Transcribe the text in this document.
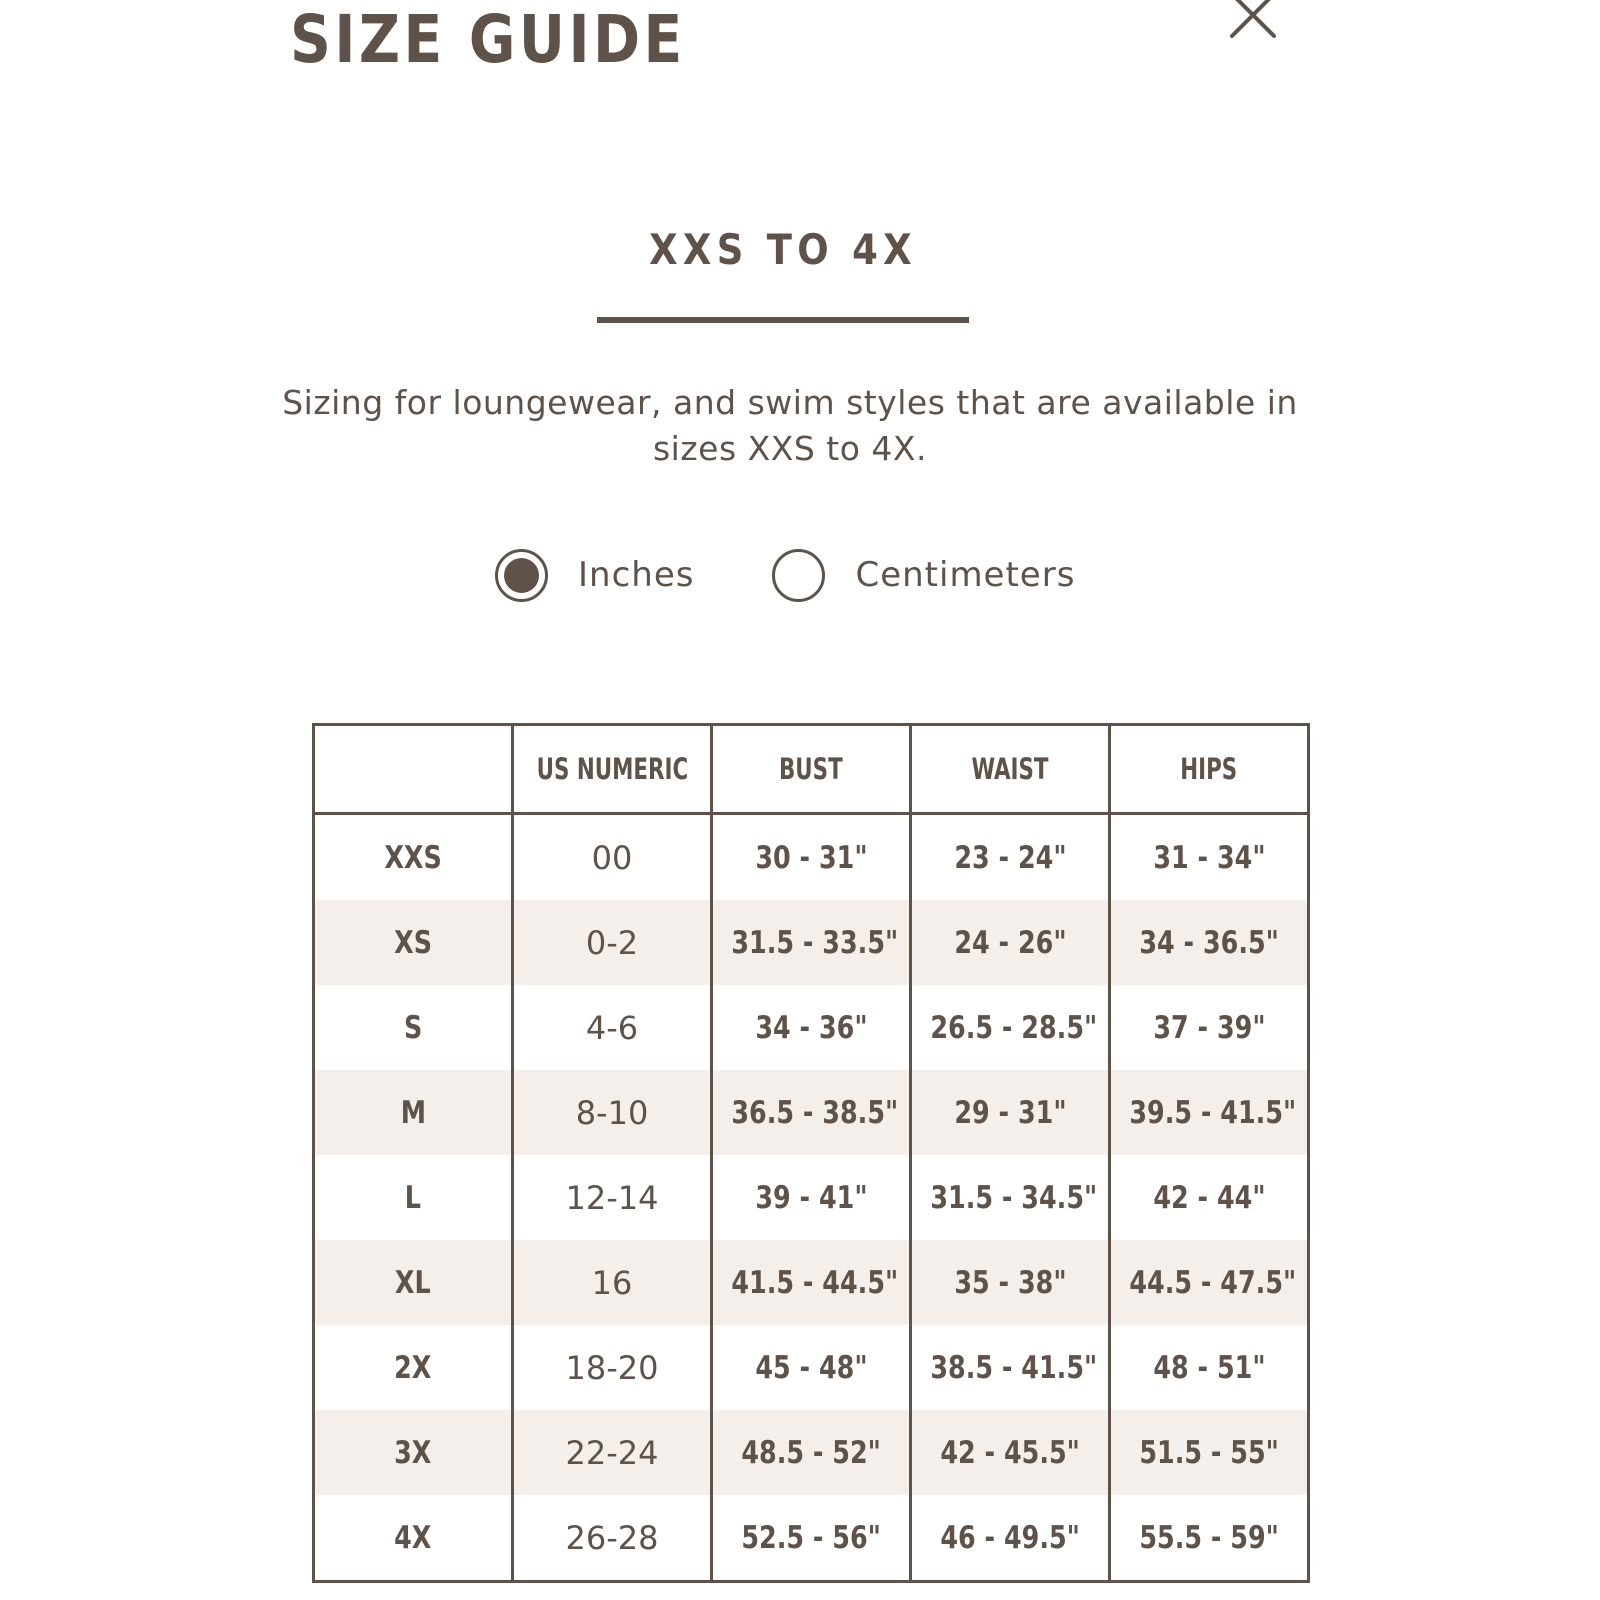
SIZE GUIDE
XXS TO 4X
Sizing for loungewear, and swim styles that are available in sizes XXS to 4X.
Inches	Centimeters
	US NUMERIC	BUST	WAIST	HIPS
XXS	00	30 - 31"	23 - 24"	31 - 34"
XS	0-2	31.5 - 33.5"	24 - 26"	34 - 36.5"
S	4-6	34 - 36"	26.5 - 28.5"	37 - 39"
M	8-10	36.5 - 38.5"	29 - 31"	39.5 - 41.5"
L	12-14	39 - 41"	31.5 - 34.5"	42 - 44"
XL	16	41.5 - 44.5"	35 - 38"	44.5 - 47.5"
2X	18-20	45 - 48"	38.5 - 41.5"	48 - 51"
3X	22-24	48.5 - 52"	42 - 45.5"	51.5 - 55"
4X	26-28	52.5 - 56"	46 - 49.5"	55.5 - 59"
